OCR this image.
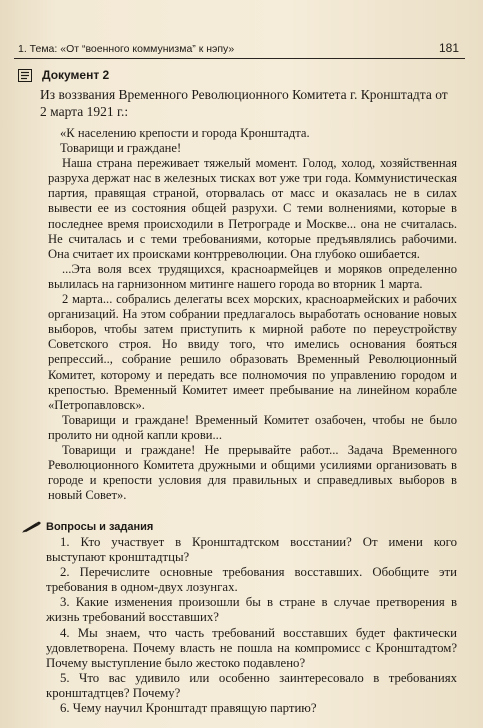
1. Тема: «От “военного коммунизма” к нэпу»	181
Документ 2
Из воззвания Временного Революционного Комитета г. Кронштадта от 2 марта 1921 г.:

«К населению крепости и города Кронштадта.

Товарищи и граждане!

Наша страна переживает тяжелый момент. Голод, холод, хозяйственная разруха держат нас в железных тисках вот уже три года. Коммунистическая партия, правящая страной, оторвалась от масс и оказалась не в силах вывести ее из состояния общей разрухи. С теми волнениями, которые в последнее время происходили в Петрограде и Москве... она не считалась. Не считалась и с теми требованиями, которые предъявлялись рабочими. Она считает их происками контрреволюции. Она глубоко ошибается.

...Эта воля всех трудящихся, красноармейцев и моряков определенно вылилась на гарнизонном митинге нашего города во вторник 1 марта.

2 марта... собрались делегаты всех морских, красноармейских и рабочих организаций. На этом собрании предлагалось выработать основание новых выборов, чтобы затем приступить к мирной работе по переустройству Советского строя. Но ввиду того, что имелись основания бояться репрессий.., собрание решило образовать Временный Революционный Комитет, которому и передать все полномочия по управлению городом и крепостью. Временный Комитет имеет пребывание на линейном корабле «Петропавловск».

Товарищи и граждане! Временный Комитет озабочен, чтобы не было пролито ни одной капли крови...

Товарищи и граждане! Не прерывайте работ... Задача Временного Революционного Комитета дружными и общими усилиями организовать в городе и крепости условия для правильных и справедливых выборов в новый Совет».

Вопросы и задания

1. Кто участвует в Кронштадтском восстании? От имени кого выступают кронштадтцы?

2. Перечислите основные требования восставших. Обобщите эти требования в одном-двух лозунгах.

3. Какие изменения произошли бы в стране в случае претворения в жизнь требований восставших?

4. Мы знаем, что часть требований восставших будет фактически удовлетворена. Почему власть не пошла на компромисс с Кронштадтом? Почему выступление было жестоко подавлено?

5. Что вас удивило или особенно заинтересовало в требованиях кронштадтцев? Почему?

6. Чему научил Кронштадт правящую партию?
